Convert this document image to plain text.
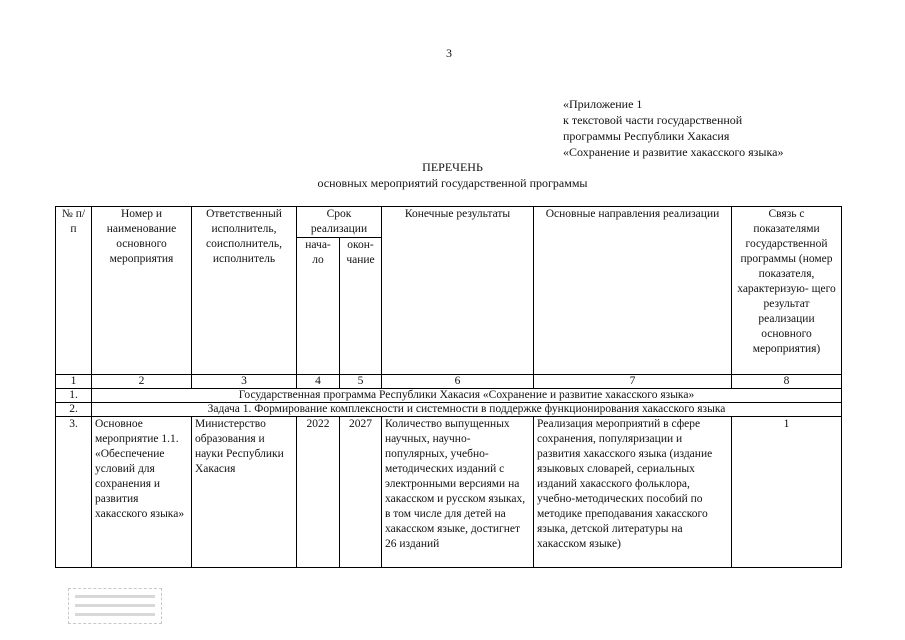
3
«Приложение 1
к текстовой части государственной
программы Республики Хакасия
«Сохранение и развитие хакасского языка»
ПЕРЕЧЕНЬ
основных мероприятий государственной программы
№ п/п	Номер и наименование основного мероприятия	Ответственный исполнитель, соисполнитель, исполнитель	Срок реализации		Конечные результаты	Основные направления реализации	Связь с показателями государственной программы (номер показателя, характеризую- щего результат реализации основного мероприятия)
			нача- ло	окон- чание			
1	2	3	4	5	6	7	8
1.	Государственная программа Республики Хакасия «Сохранение и развитие хакасского языка»						
2.	Задача 1. Формирование комплексности и системности в поддержке функционирования хакасского языка						
3.	Основное мероприятие 1.1. «Обеспечение условий для сохранения и развития хакасского языка»	Министерство образования и науки Республики Хакасия	2022	2027	Количество выпущенных научных, научно-популярных, учебно-методических изданий с электронными версиями на хакасском и русском языках, в том числе для детей на хакасском языке, достигнет 26 изданий	Реализация мероприятий в сфере сохранения, популяризации и развития хакасского языка (издание языковых словарей, сериальных изданий хакасского фольклора, учебно-методических пособий по методике преподавания хакасского языка, детской литературы на хакасском языке)	1
